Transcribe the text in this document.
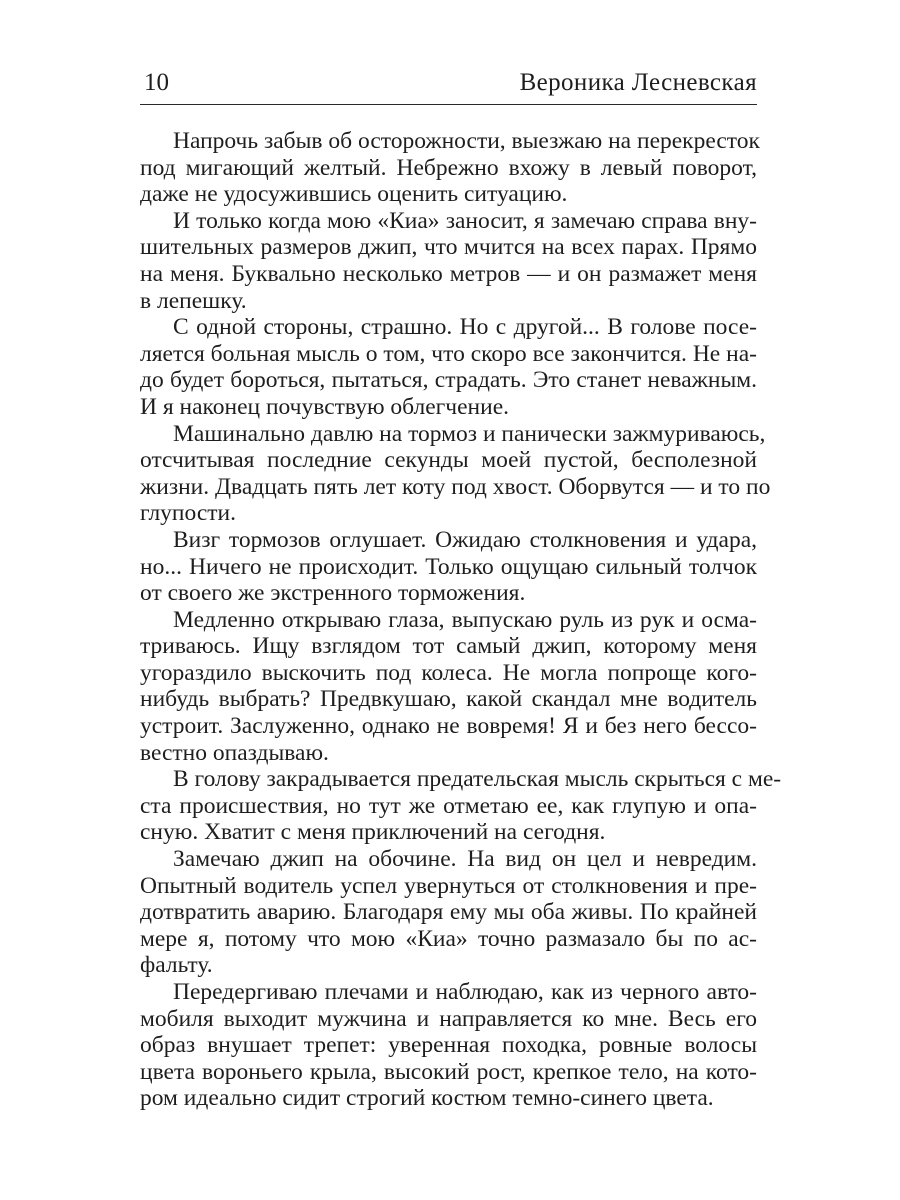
10	Вероника Лесневская
Напрочь забыв об осторожности, выезжаю на перекресток
под мигающий желтый. Небрежно вхожу в левый поворот,
даже не удосужившись оценить ситуацию.
И только когда мою «Киа» заносит, я замечаю справа вну-
шительных размеров джип, что мчится на всех парах. Прямо
на меня. Буквально несколько метров — и он размажет меня
в лепешку.
С одной стороны, страшно. Но с другой... В голове посе-
ляется больная мысль о том, что скоро все закончится. Не на-
до будет бороться, пытаться, страдать. Это станет неважным.
И я наконец почувствую облегчение.
Машинально давлю на тормоз и панически зажмуриваюсь,
отсчитывая последние секунды моей пустой, бесполезной
жизни. Двадцать пять лет коту под хвост. Оборвутся — и то по
глупости.
Визг тормозов оглушает. Ожидаю столкновения и удара,
но... Ничего не происходит. Только ощущаю сильный толчок
от своего же экстренного торможения.
Медленно открываю глаза, выпускаю руль из рук и осма-
триваюсь. Ищу взглядом тот самый джип, которому меня
угораздило выскочить под колеса. Не могла попроще кого-
нибудь выбрать? Предвкушаю, какой скандал мне водитель
устроит. Заслуженно, однако не вовремя! Я и без него бессо-
вестно опаздываю.
В голову закрадывается предательская мысль скрыться с ме-
ста происшествия, но тут же отметаю ее, как глупую и опа-
сную. Хватит с меня приключений на сегодня.
Замечаю джип на обочине. На вид он цел и невредим.
Опытный водитель успел увернуться от столкновения и пре-
дотвратить аварию. Благодаря ему мы оба живы. По крайней
мере я, потому что мою «Киа» точно размазало бы по ас-
фальту.
Передергиваю плечами и наблюдаю, как из черного авто-
мобиля выходит мужчина и направляется ко мне. Весь его
образ внушает трепет: уверенная походка, ровные волосы
цвета вороньего крыла, высокий рост, крепкое тело, на кото-
ром идеально сидит строгий костюм темно-синего цвета.
